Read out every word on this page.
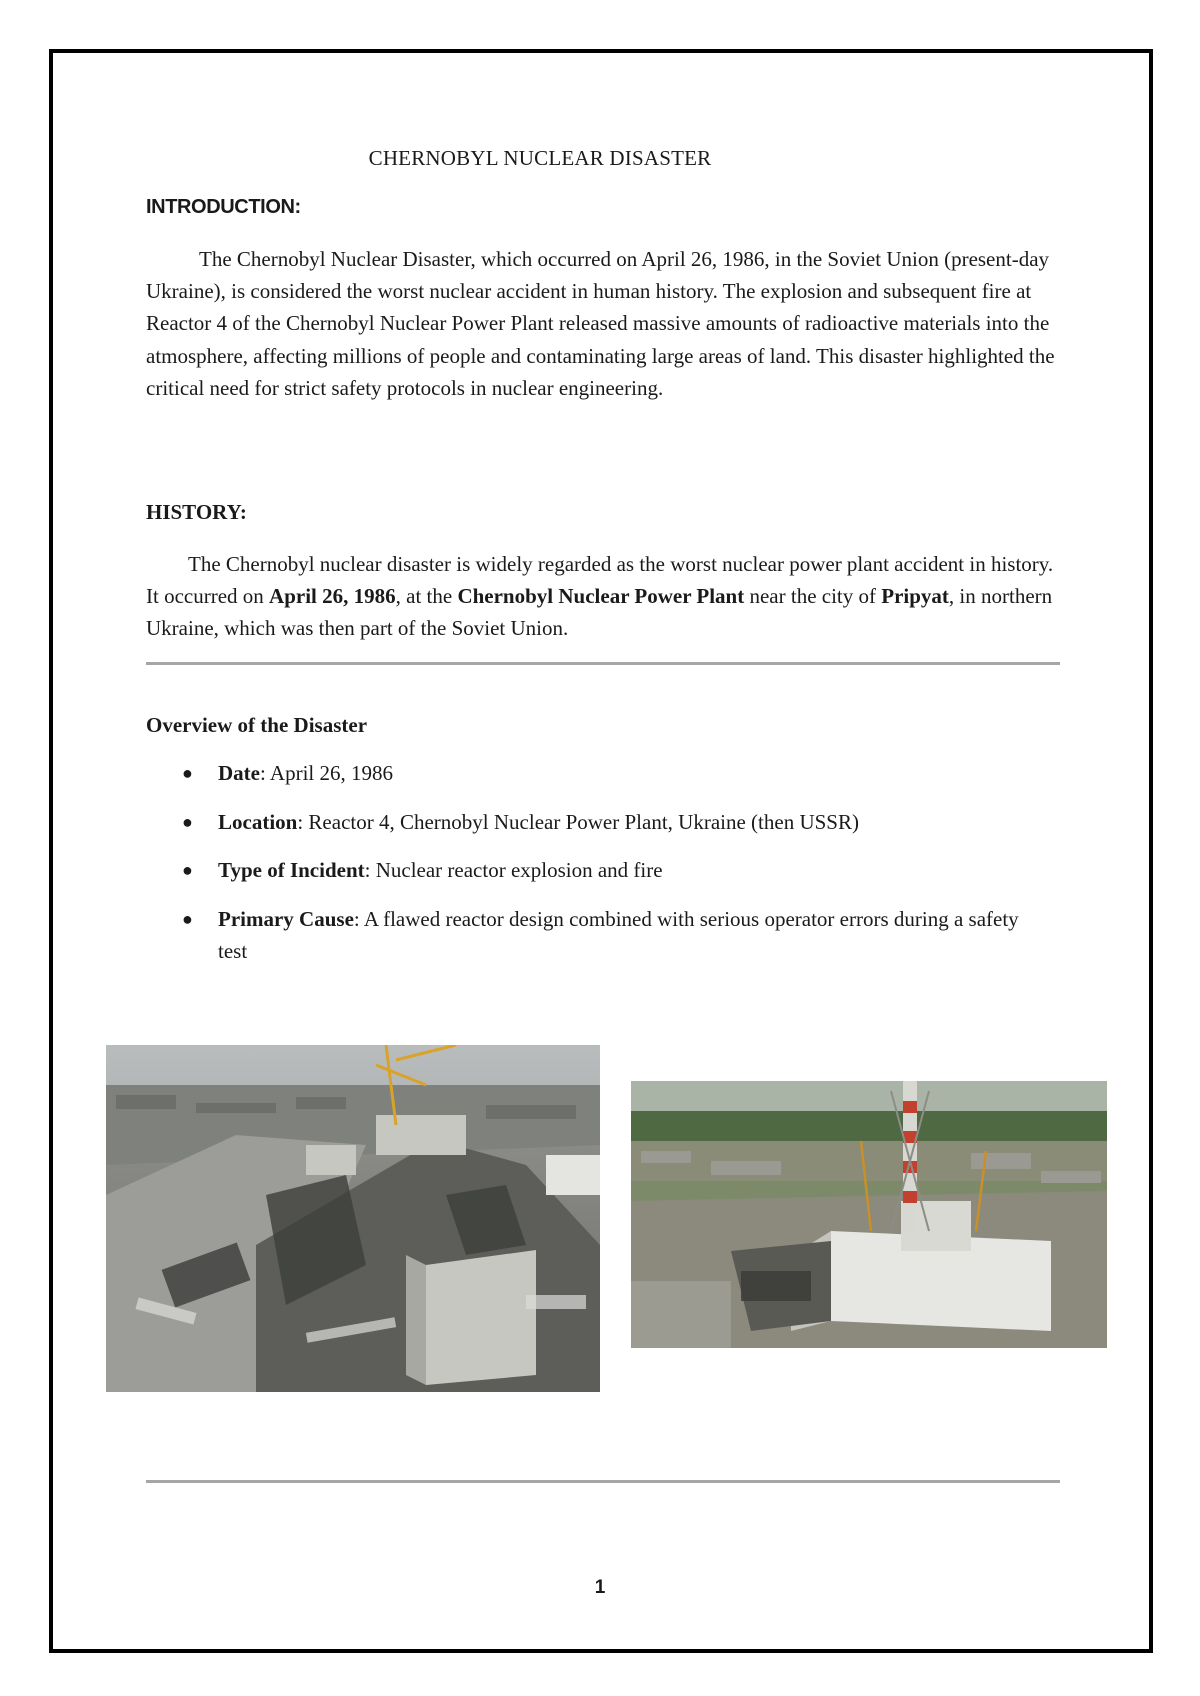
CHERNOBYL NUCLEAR DISASTER
INTRODUCTION:

The Chernobyl Nuclear Disaster, which occurred on April 26, 1986, in the Soviet Union (present-day Ukraine), is considered the worst nuclear accident in human history. The explosion and subsequent fire at Reactor 4 of the Chernobyl Nuclear Power Plant released massive amounts of radioactive materials into the atmosphere, affecting millions of people and contaminating large areas of land. This disaster highlighted the critical need for strict safety protocols in nuclear engineering.

HISTORY:

The Chernobyl nuclear disaster is widely regarded as the worst nuclear power plant accident in history. It occurred on April 26, 1986, at the Chernobyl Nuclear Power Plant near the city of Pripyat, in northern Ukraine, which was then part of the Soviet Union.

Overview of the Disaster
● Date: April 26, 1986
● Location: Reactor 4, Chernobyl Nuclear Power Plant, Ukraine (then USSR)
● Type of Incident: Nuclear reactor explosion and fire
● Primary Cause: A flawed reactor design combined with serious operator errors during a safety test
1
